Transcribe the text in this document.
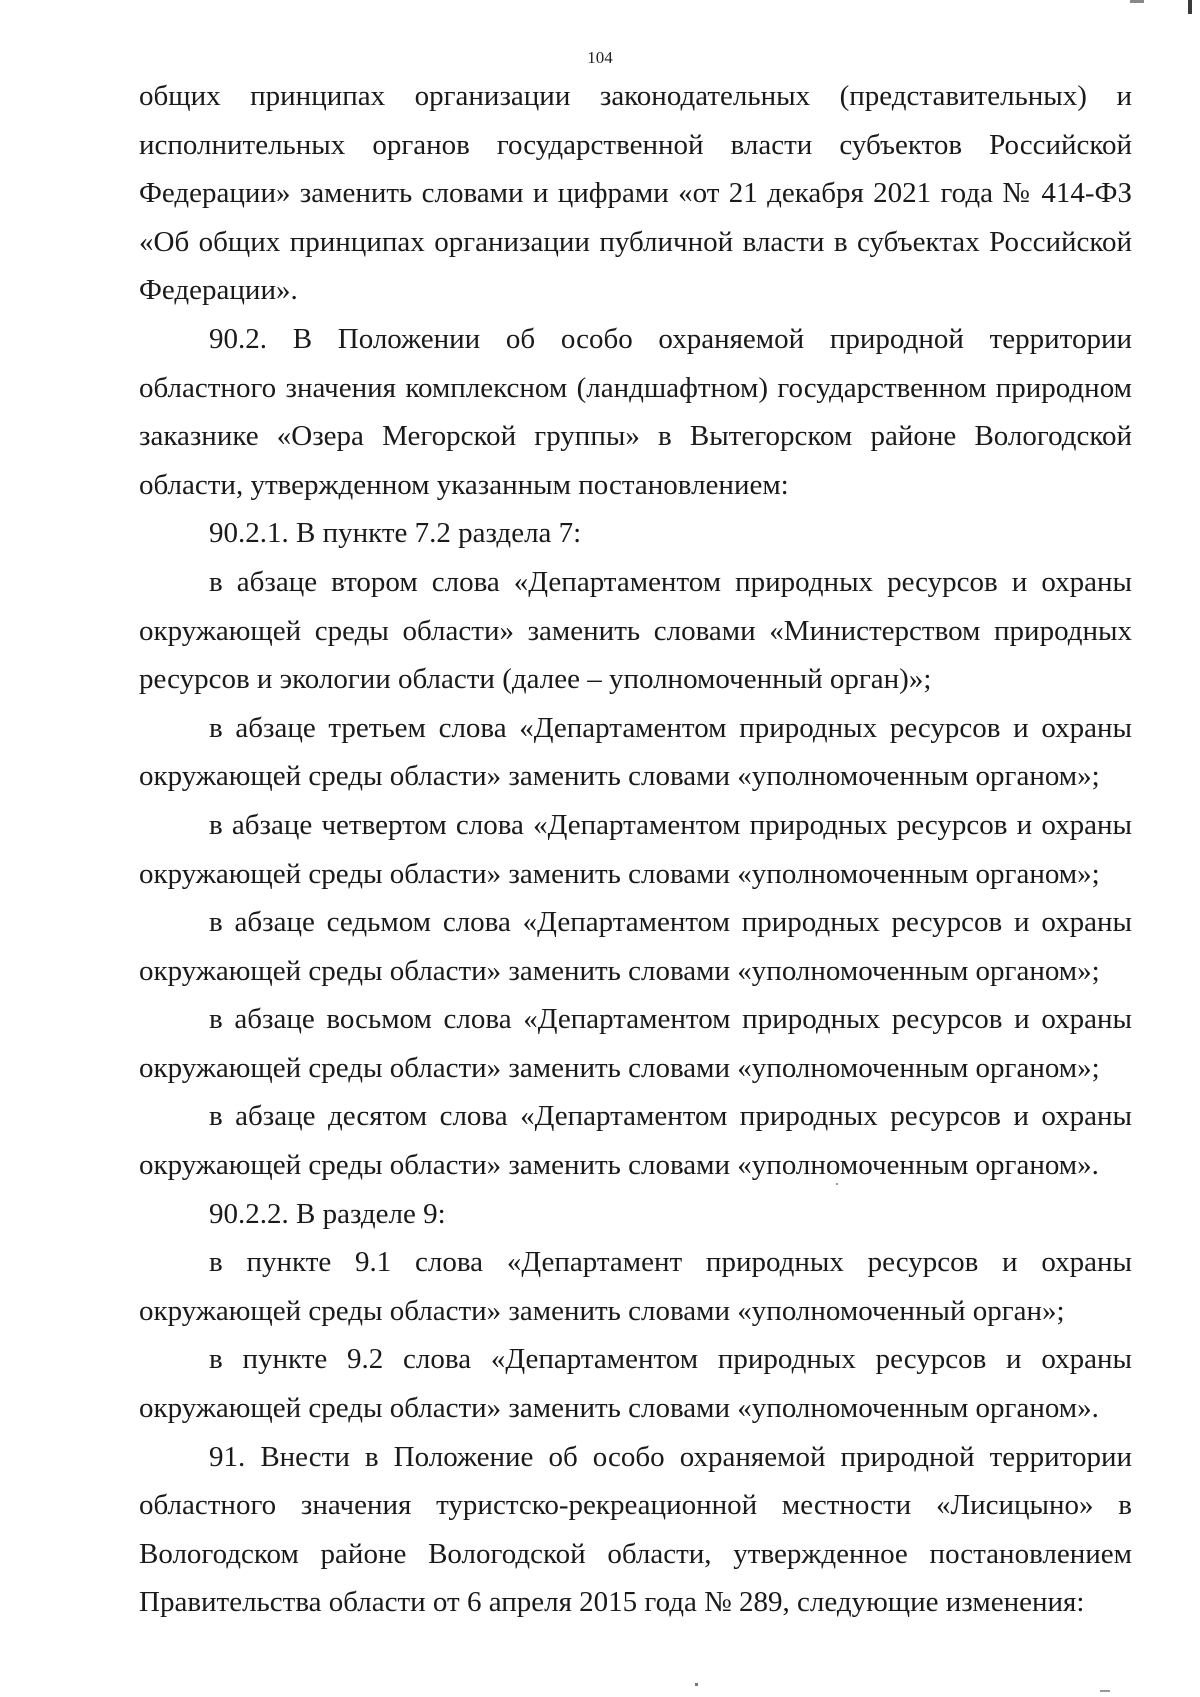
104

общих принципах организации законодательных (представительных) и исполнительных органов государственной власти субъектов Российской Федерации» заменить словами и цифрами «от 21 декабря 2021 года № 414-ФЗ «Об общих принципах организации публичной власти в субъектах Российской Федерации».

90.2. В Положении об особо охраняемой природной территории областного значения комплексном (ландшафтном) государственном природном заказнике «Озера Мегорской группы» в Вытегорском районе Вологодской области, утвержденном указанным постановлением:

90.2.1. В пункте 7.2 раздела 7:

в абзаце втором слова «Департаментом природных ресурсов и охраны окружающей среды области» заменить словами «Министерством природных ресурсов и экологии области (далее – уполномоченный орган)»;

в абзаце третьем слова «Департаментом природных ресурсов и охраны окружающей среды области» заменить словами «уполномоченным органом»;

в абзаце четвертом слова «Департаментом природных ресурсов и охраны окружающей среды области» заменить словами «уполномоченным органом»;

в абзаце седьмом слова «Департаментом природных ресурсов и охраны окружающей среды области» заменить словами «уполномоченным органом»;

в абзаце восьмом слова «Департаментом природных ресурсов и охраны окружающей среды области» заменить словами «уполномоченным органом»;

в абзаце десятом слова «Департаментом природных ресурсов и охраны окружающей среды области» заменить словами «уполномоченным органом».

90.2.2. В разделе 9:

в пункте 9.1 слова «Департамент природных ресурсов и охраны окружающей среды области» заменить словами «уполномоченный орган»;

в пункте 9.2 слова «Департаментом природных ресурсов и охраны окружающей среды области» заменить словами «уполномоченным органом».

91. Внести в Положение об особо охраняемой природной территории областного значения туристско-рекреационной местности «Лисицыно» в Вологодском районе Вологодской области, утвержденное постановлением Правительства области от 6 апреля 2015 года № 289, следующие изменения:
